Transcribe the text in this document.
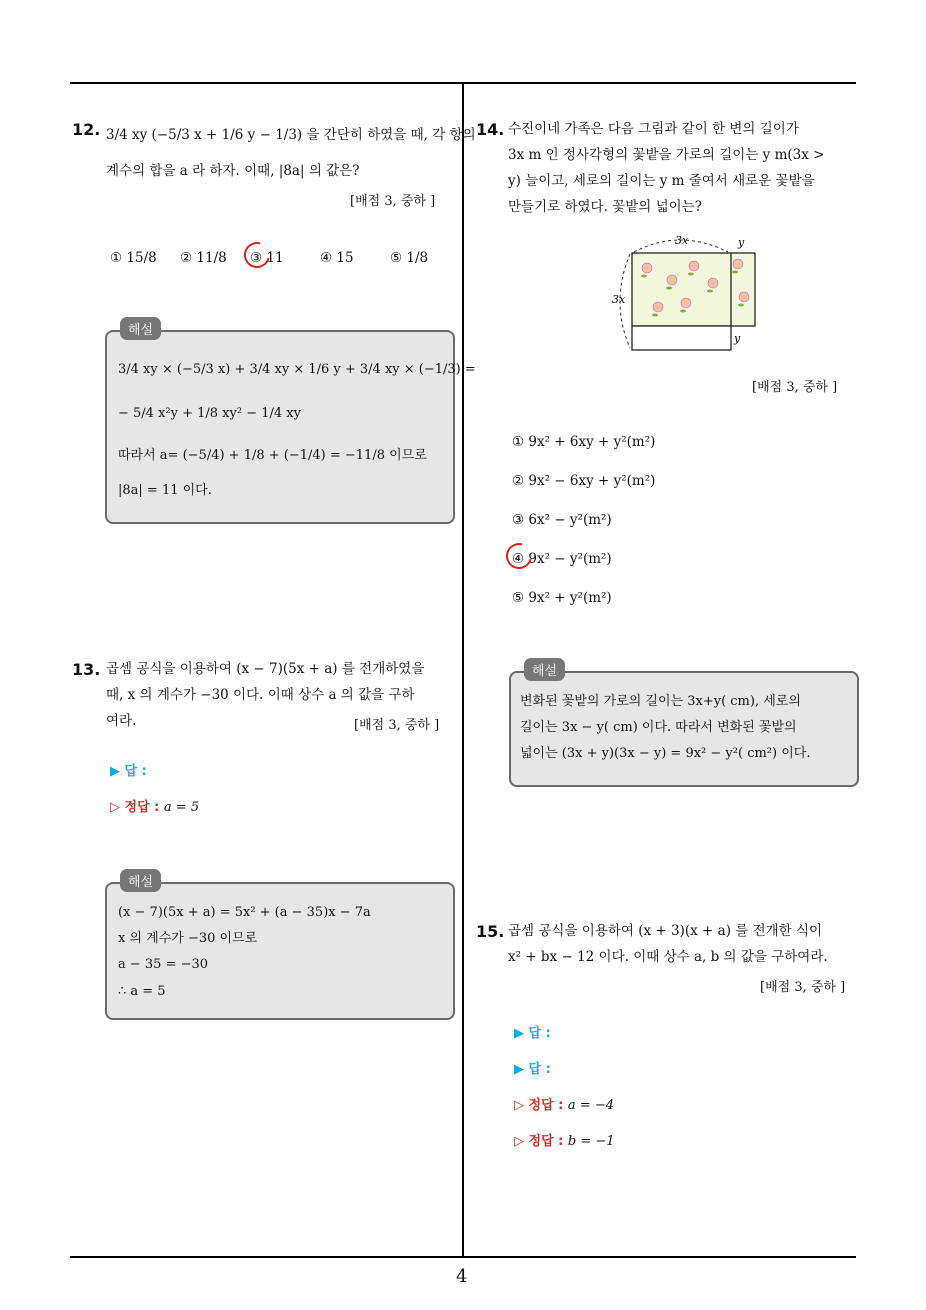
4
12. 3/4 xy (−5/3 x + 1/6 y − 1/3) 을 간단히 하였을 때, 각 항의
계수의 합을 a 라 하자. 이때, |8a| 의 값은?
[배점 3, 중하 ]
① 15/8 ② 11/8 ③ 11	④ 15	⑤ 1/8
해설
3/4 xy × (−5/3 x) + 3/4 xy × 1/6 y + 3/4 xy × (−1/3) =
− 5/4 x²y + 1/8 xy² − 1/4 xy
따라서 a= (−5/4) + 1/8 + (−1/4) = −11/8 이므로
|8a| = 11 이다.
13. 곱셈 공식을 이용하여 (x − 7)(5x + a) 를 전개하였을
때, x 의 계수가 −30 이다. 이때 상수 a 의 값을 구하
여라.	[배점 3, 중하 ]
▶ 답 :
▷ 정답 : a = 5
해설
(x − 7)(5x + a) = 5x² + (a − 35)x − 7a
x 의 계수가 −30 이므로
a − 35 = −30
∴ a = 5
14. 수진이네 가족은 다음 그림과 같이 한 변의 길이가
3x m 인 정사각형의 꽃밭을 가로의 길이는 y m(3x >
y) 늘이고, 세로의 길이는 y m 줄여서 새로운 꽃밭을
만들기로 하였다. 꽃밭의 넓이는?
3x	y
3x
y
[배점 3, 중하 ]
① 9x² + 6xy + y²(m²)
② 9x² − 6xy + y²(m²)
③ 6x² − y²(m²)
④ 9x² − y²(m²)
⑤ 9x² + y²(m²)
해설
변화된 꽃밭의 가로의 길이는 3x+y( cm), 세로의
길이는 3x − y( cm) 이다. 따라서 변화된 꽃밭의
넓이는 (3x + y)(3x − y) = 9x² − y²( cm²) 이다.
15. 곱셈 공식을 이용하여 (x + 3)(x + a) 를 전개한 식이
x² + bx − 12 이다. 이때 상수 a, b 의 값을 구하여라.
[배점 3, 중하 ]
▶ 답 :
▶ 답 :
▷ 정답 : a = −4
▷ 정답 : b = −1
